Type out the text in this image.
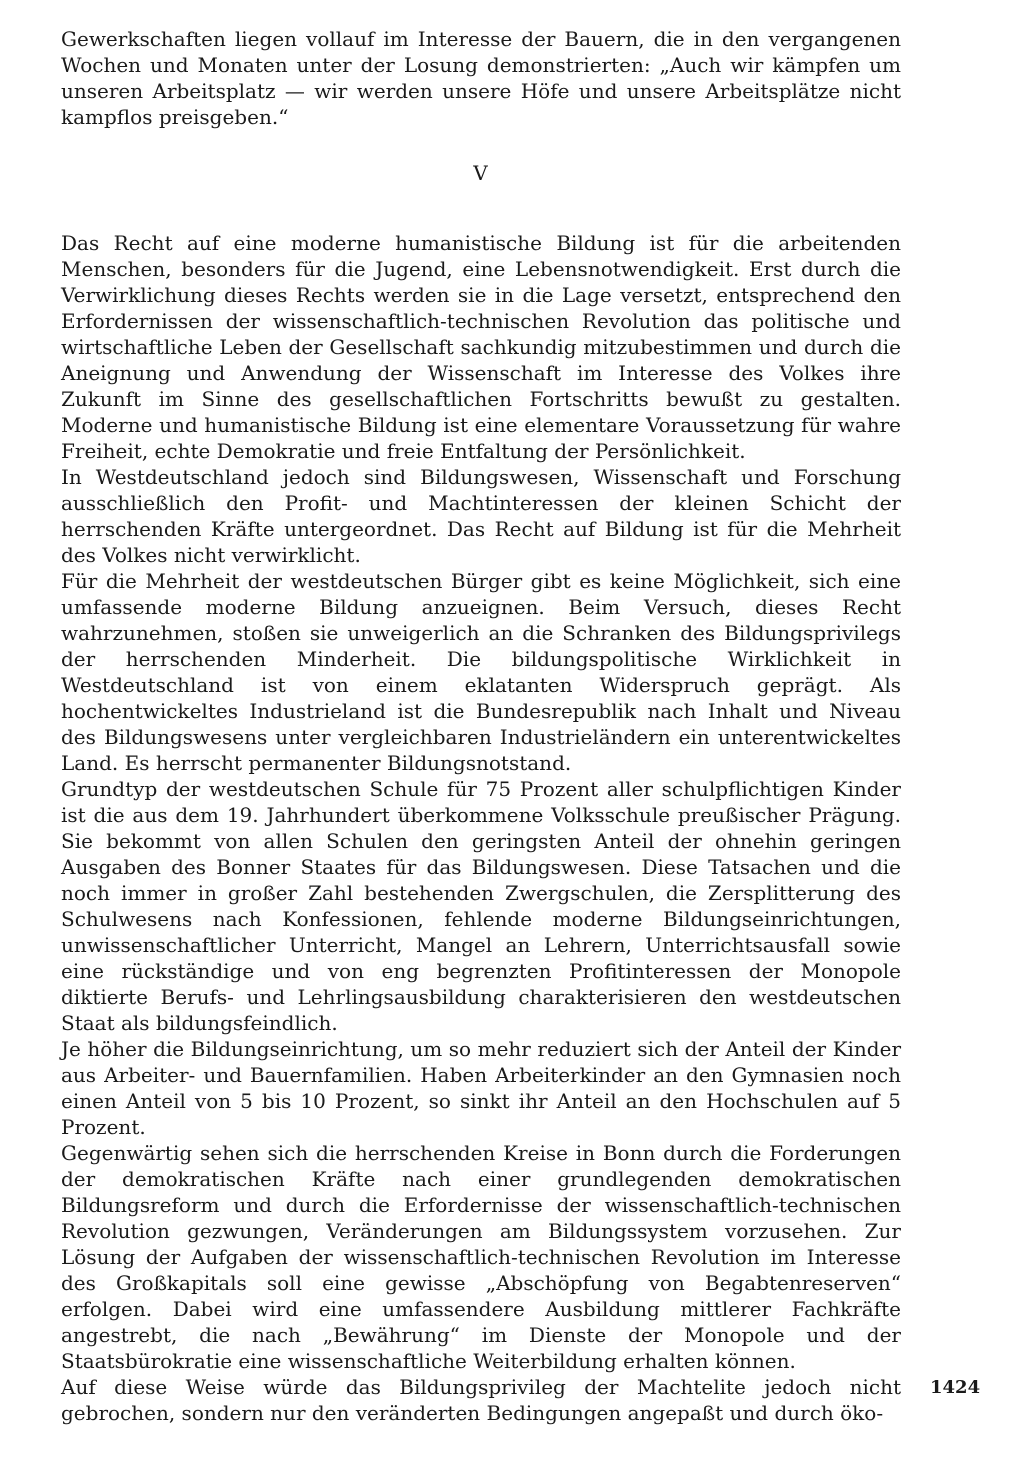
Gewerkschaften liegen vollauf im Interesse der Bauern, die in den vergangenen Wochen und Monaten unter der Losung demonstrierten: „Auch wir kämpfen um unseren Arbeitsplatz — wir werden unsere Höfe und unsere Arbeitsplätze nicht kampflos preisgeben.“

V

Das Recht auf eine moderne humanistische Bildung ist für die arbeitenden Menschen, besonders für die Jugend, eine Lebensnotwendigkeit. Erst durch die Verwirklichung dieses Rechts werden sie in die Lage versetzt, entsprechend den Erfordernissen der wissenschaftlich-technischen Revolution das politische und wirtschaftliche Leben der Gesellschaft sachkundig mitzubestimmen und durch die Aneignung und Anwendung der Wissenschaft im Interesse des Volkes ihre Zukunft im Sinne des gesellschaftlichen Fortschritts bewußt zu gestalten. Moderne und humanistische Bildung ist eine elementare Voraussetzung für wahre Freiheit, echte Demokratie und freie Entfaltung der Persönlichkeit.

In Westdeutschland jedoch sind Bildungswesen, Wissenschaft und Forschung ausschließlich den Profit- und Machtinteressen der kleinen Schicht der herrschenden Kräfte untergeordnet. Das Recht auf Bildung ist für die Mehrheit des Volkes nicht verwirklicht.

Für die Mehrheit der westdeutschen Bürger gibt es keine Möglichkeit, sich eine umfassende moderne Bildung anzueignen. Beim Versuch, dieses Recht wahrzunehmen, stoßen sie unweigerlich an die Schranken des Bildungsprivilegs der herrschenden Minderheit. Die bildungspolitische Wirklichkeit in Westdeutschland ist von einem eklatanten Widerspruch geprägt. Als hochentwickeltes Industrieland ist die Bundesrepublik nach Inhalt und Niveau des Bildungswesens unter vergleichbaren Industrieländern ein unterentwickeltes Land. Es herrscht permanenter Bildungsnotstand.

Grundtyp der westdeutschen Schule für 75 Prozent aller schulpflichtigen Kinder ist die aus dem 19. Jahrhundert überkommene Volksschule preußischer Prägung. Sie bekommt von allen Schulen den geringsten Anteil der ohnehin geringen Ausgaben des Bonner Staates für das Bildungswesen. Diese Tatsachen und die noch immer in großer Zahl bestehenden Zwergschulen, die Zersplitterung des Schulwesens nach Konfessionen, fehlende moderne Bildungseinrichtungen, unwissenschaftlicher Unterricht, Mangel an Lehrern, Unterrichtsausfall sowie eine rückständige und von eng begrenzten Profitinteressen der Monopole diktierte Berufs- und Lehrlingsausbildung charakterisieren den westdeutschen Staat als bildungsfeindlich.

Je höher die Bildungseinrichtung, um so mehr reduziert sich der Anteil der Kinder aus Arbeiter- und Bauernfamilien. Haben Arbeiterkinder an den Gymnasien noch einen Anteil von 5 bis 10 Prozent, so sinkt ihr Anteil an den Hochschulen auf 5 Prozent.

Gegenwärtig sehen sich die herrschenden Kreise in Bonn durch die Forderungen der demokratischen Kräfte nach einer grundlegenden demokratischen Bildungsreform und durch die Erfordernisse der wissenschaftlich-technischen Revolution gezwungen, Veränderungen am Bildungssystem vorzusehen. Zur Lösung der Aufgaben der wissenschaftlich-technischen Revolution im Interesse des Großkapitals soll eine gewisse „Abschöpfung von Begabtenreserven“ erfolgen. Dabei wird eine umfassendere Ausbildung mittlerer Fachkräfte angestrebt, die nach „Bewährung“ im Dienste der Monopole und der Staatsbürokratie eine wissenschaftliche Weiterbildung erhalten können.

Auf diese Weise würde das Bildungsprivileg der Machtelite jedoch nicht gebrochen, sondern nur den veränderten Bedingungen angepaßt und durch öko-

1424
